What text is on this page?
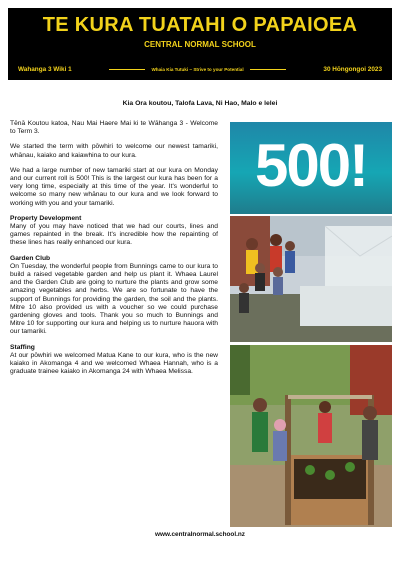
TE KURA TUATAHI O PAPAIOEA
CENTRAL NORMAL SCHOOL
Wahanga 3 Wiki 1	Whaia Kia Tutuki ~ Strive to your Potential	30 Hōngongoi 2023
Kia Ora koutou, Talofa Lava, Ni Hao, Malo e lelei

Tēnā Koutou katoa, Nau Mai Haere Mai ki te Wāhanga 3 - Welcome to Term 3.

We started the term with pōwhiri to welcome our newest tamariki, whānau, kaiako and kaiawhina to our kura.

We had a large number of new tamariki start at our kura on Monday and our current roll is 500! This is the largest our kura has been for a very long time, especially at this time of the year. It's wonderful to welcome so many new whānau to our kura and we look forward to working with you and your tamariki.

Property Development

Many of you may have noticed that we had our courts, lines and games repainted in the break. It's incredible how the repainting of these lines has really enhanced our kura.

Garden Club

On Tuesday, the wonderful people from Bunnings came to our kura to build a raised vegetable garden and help us plant it. Whaea Laurel and the Garden Club are going to nurture the plants and grow some amazing vegetables and herbs. We are so fortunate to have the support of Bunnings for providing the garden, the soil and the plants. Mitre 10 also provided us with a voucher so we could purchase gardening gloves and tools. Thank you so much to Bunnings and Mitre 10 for supporting our kura and helping us to nurture hauora with our tamariki.

Staffing

At our pōwhiri we welcomed Matua Kane to our kura, who is the new kaiako in Akomanga 4 and we welcomed Whaea Hannah, who is a graduate trainee kaiako in Akomanga 24 with Whaea Melissa.

500!
www.centralnormal.school.nz
